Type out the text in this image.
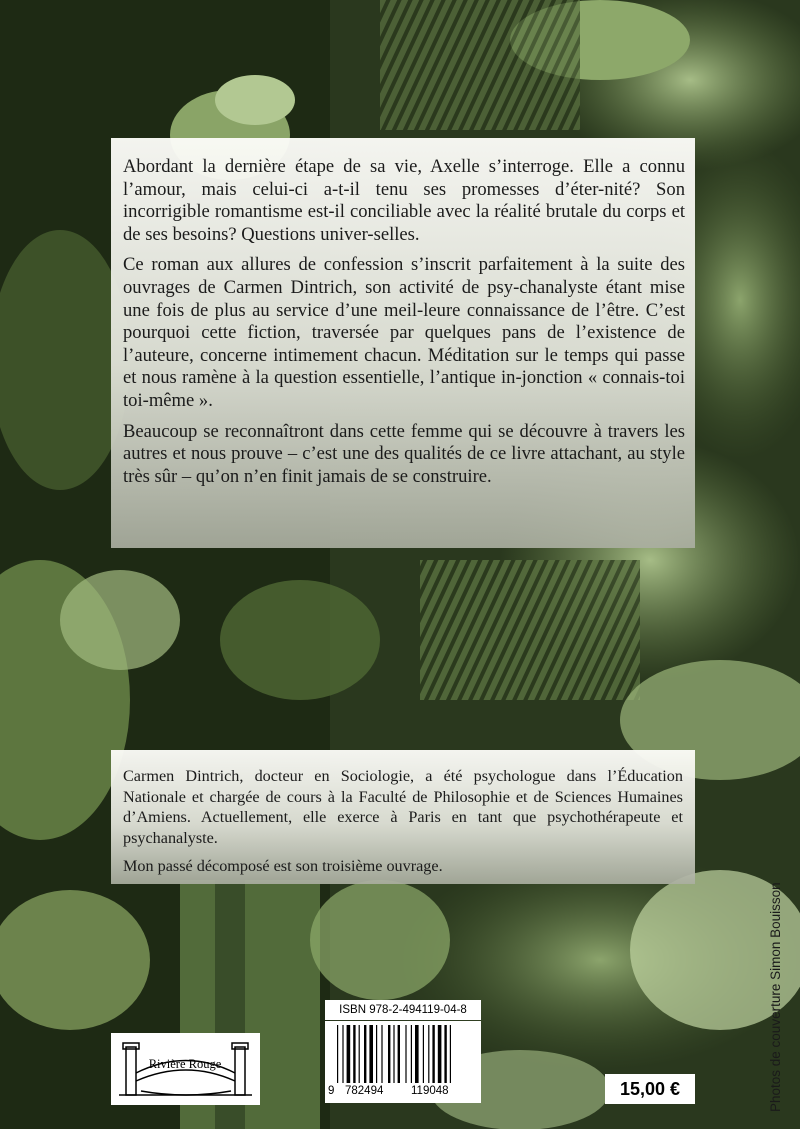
Abordant la dernière étape de sa vie, Axelle s’interroge. Elle a connu l’amour, mais celui-ci a-t-il tenu ses promesses d’éter-nité? Son incorrigible romantisme est-il conciliable avec la réalité brutale du corps et de ses besoins? Questions univer-selles.

Ce roman aux allures de confession s’inscrit parfaitement à la suite des ouvrages de Carmen Dintrich, son activité de psy-chanalyste étant mise une fois de plus au service d’une meil-leure connaissance de l’être. C’est pourquoi cette fiction, traversée par quelques pans de l’existence de l’auteure, concerne intimement chacun. Méditation sur le temps qui passe et nous ramène à la question essentielle, l’antique in-jonction « connais-toi toi-même ».

Beaucoup se reconnaîtront dans cette femme qui se découvre à travers les autres et nous prouve – c’est une des qualités de ce livre attachant, au style très sûr – qu’on n’en finit jamais de se construire.

Carmen Dintrich, docteur en Sociologie, a été psychologue dans l’Éducation Nationale et chargée de cours à la Faculté de Philosophie et de Sciences Humaines d’Amiens. Actuellement, elle exerce à Paris en tant que psychothérapeute et psychanalyste.

Mon passé décomposé est son troisième ouvrage.

Photos de couverture Simon Bouisson
ISBN 978-2-494119-04-8
9 782494 119048
Rivière Rouge
15,00 €
